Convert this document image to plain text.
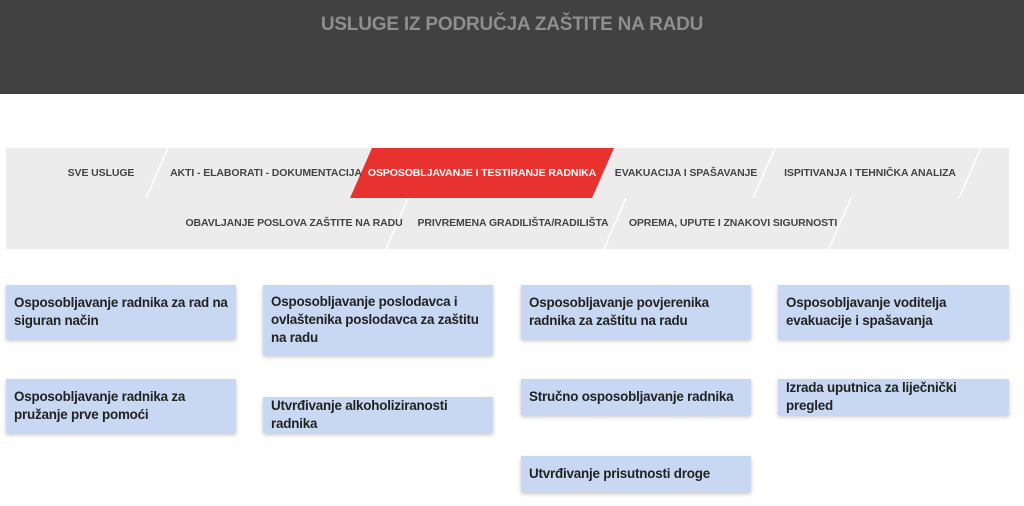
USLUGE IZ PODRUČJA ZAŠTITE NA RADU
SVE USLUGE	AKTI - ELABORATI - DOKUMENTACIJA OSPOSOBLJAVANJE I TESTIRANJE RADNIKA EVAKUACIJA I SPAŠAVANJE	ISPITIVANJA I TEHNIČKA ANALIZA
OBAVLJANJE POSLOVA ZAŠTITE NA RADU PRIVREMENA GRADILIŠTA/RADILIŠTA OPREMA, UPUTE I ZNAKOVI SIGURNOSTI
Osposobljavanje radnika za rad na siguran način
Osposobljavanje poslodavca i ovlaštenika poslodavca za zaštitu na radu
Osposobljavanje povjerenika radnika za zaštitu na radu
Osposobljavanje voditelja evakuacije i spašavanja
Osposobljavanje radnika za pružanje prve pomoći
Utvrđivanje alkoholiziranosti radnika
Stručno osposobljavanje radnika
Izrada uputnica za liječnički pregled
Utvrđivanje prisutnosti droge
